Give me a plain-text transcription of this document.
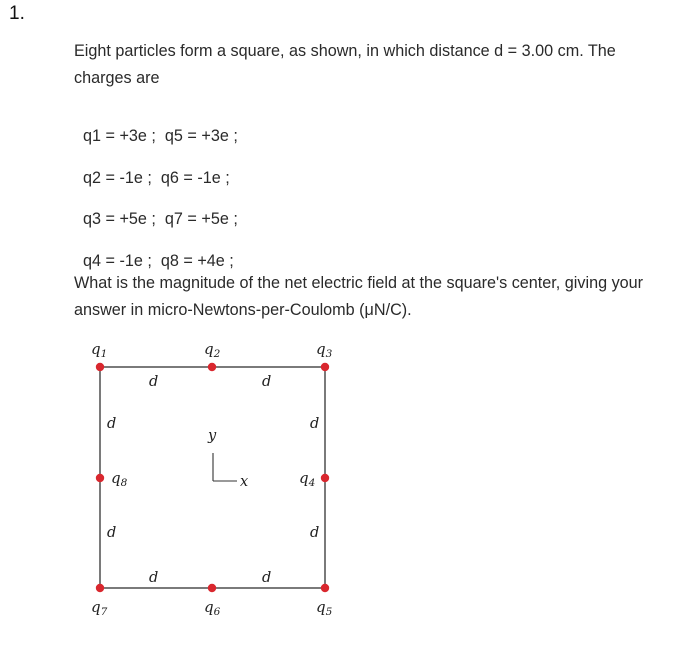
1.

Eight particles form a square, as shown, in which distance d = 3.00 cm. The charges are

q1 = +3e ; q5 = +3e ;

q2 = -1e ; q6 = -1e ;

q3 = +5e ; q7 = +5e ;

q4 = -1e ; q8 = +4e ;

What is the magnitude of the net electric field at the square's center, giving your answer in micro-Newtons-per-Coulomb (μN/C).

y
x
d	d
d	d
d	d
d	d
$q_1$	$q_2$	$q_3$
$q_4$
$q_5$
$q_6$
$q_7$
$q_8$
